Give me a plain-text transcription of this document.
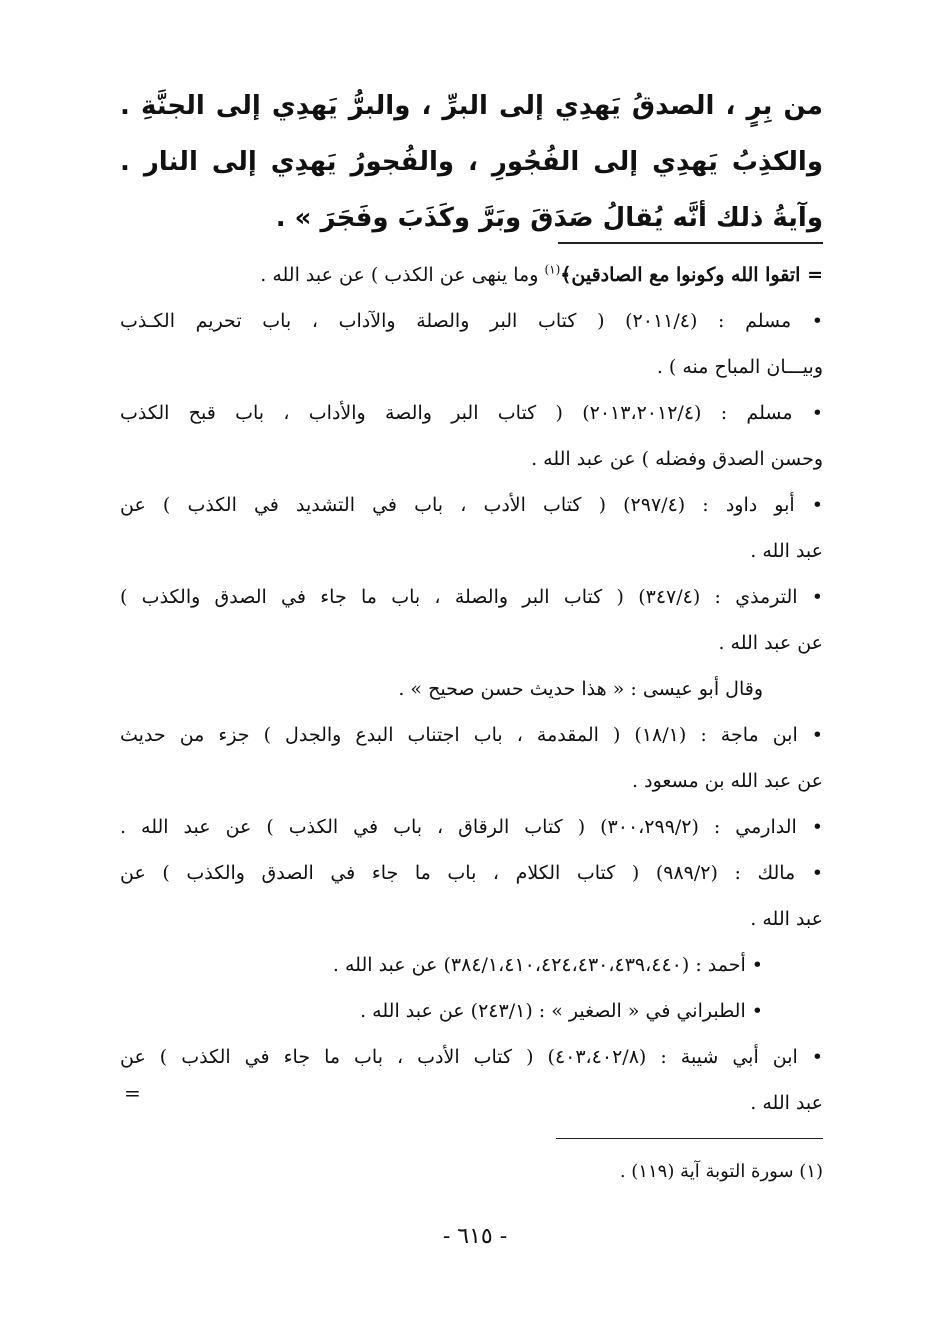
من بِرٍ ، الصدقُ يَهدِي إلى البرِّ ، والبرُّ يَهدِي إلى الجنَّةِ . والكذِبُ يَهدِي إلى الفُجُورِ ، والفُجورُ يَهدِي إلى النار . وآيةُ ذلك أنَّه يُقالُ صَدَقَ وبَرَّ وكَذَبَ وفَجَرَ » .

= اتقوا الله وكونوا مع الصادقين﴾$^{(١)}$ وما ينهى عن الكذب ) عن عبد الله .

• مسلم : (٢٠١١/٤) ( كتاب البر والصلة والآداب ، باب تحريم الكـذب

وبيـــان المباح منه ) .

• مسلم : (٢٠١٣،٢٠١٢/٤) ( كتاب البر والصة والأداب ، باب قبح الكذب

وحسن الصدق وفضله ) عن عبد الله .

• أبو داود : (٢٩٧/٤) ( كتاب الأدب ، باب في التشديد في الكذب ) عن

عبد الله .

• الترمذي : (٣٤٧/٤) ( كتاب البر والصلة ، باب ما جاء في الصدق والكذب )

عن عبد الله .

وقال أبو عيسى : « هذا حديث حسن صحيح » .

• ابن ماجة : (١٨/١) ( المقدمة ، باب اجتناب البدع والجدل ) جزء من حديث

عن عبد الله بن مسعود .

• الدارمي : (٣٠٠،٢٩٩/٢) ( كتاب الرقاق ، باب في الكذب ) عن عبد الله .

• مالك : (٩٨٩/٢) ( كتاب الكلام ، باب ما جاء في الصدق والكذب ) عن

عبد الله .

• أحمد : (٣٨٤/١،٤١٠،٤٢٤،٤٣٠،٤٣٩،٤٤٠) عن عبد الله .

• الطبراني في « الصغير » : (٢٤٣/١) عن عبد الله .

• ابن أبي شيبة : (٤٠٣،٤٠٢/٨) ( كتاب الأدب ، باب ما جاء في الكذب ) عن

عبد الله .

=

(١) سورة التوبة آية (١١٩) .

- ٦١٥ -
